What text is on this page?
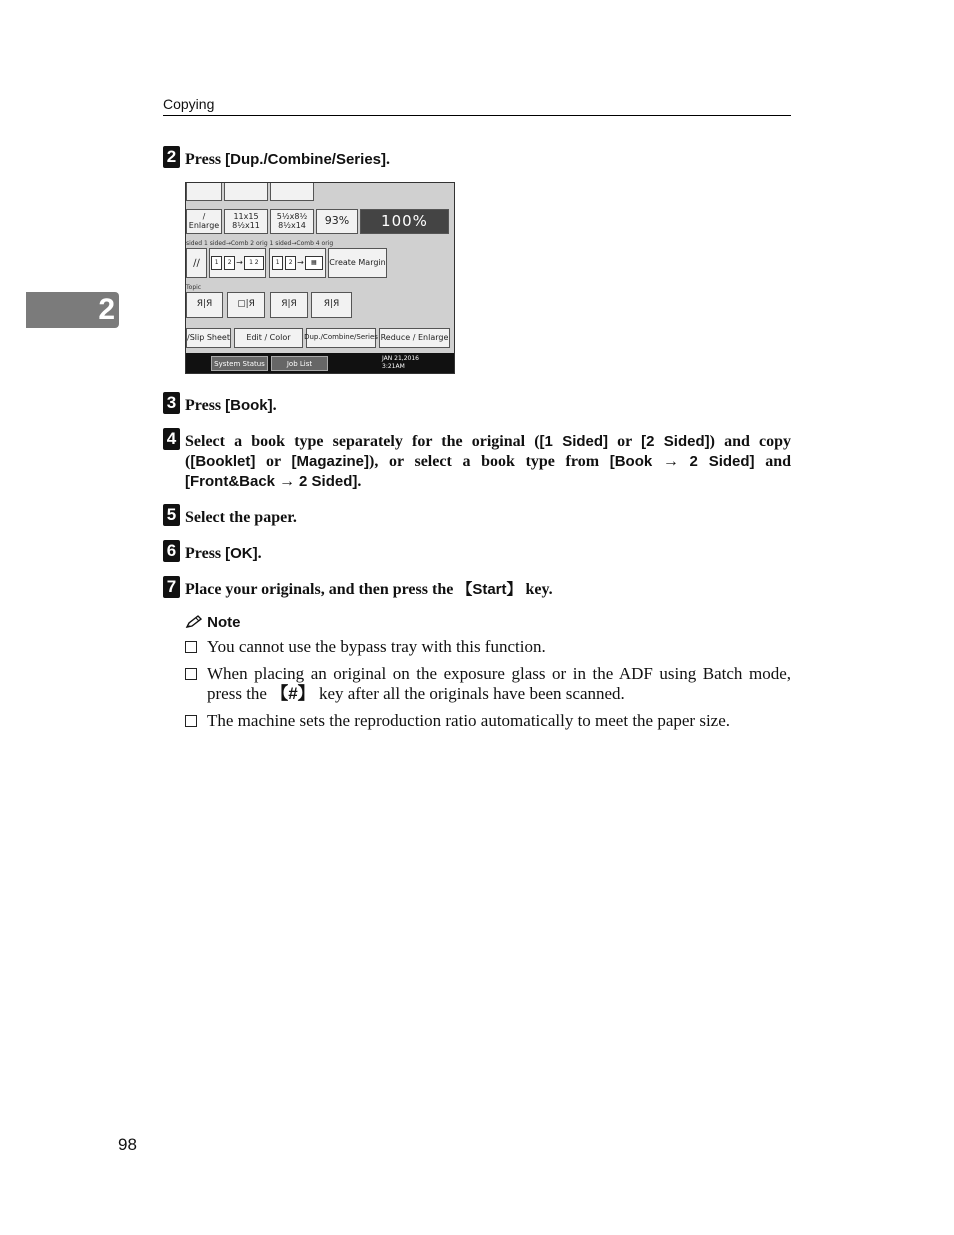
Copying
2
2 Press [Dup./Combine/Series].
/ Enlarge
11x15
8½x11
5½x8½
8½x14	93%	100%
sided 1 sided→Comb 2 orig 1 sided→Comb 4 orig
∕∕	1	2 →	1 2	1	2 →	▦	Create Margin
Topic
Я|Я	▢|Я	Я|Я	Я|Я
/Slip Sheet	Edit / Color	Dup./Combine/Series Reduce / Enlarge
System Status	Job List
JAN 21,2016
3:21AM
3 Press [Book].
4 Select a book type separately for the original ([1 Sided] or [2 Sided]) and copy ([Booklet] or [Magazine]), or select a book type from [Book → 2 Sided] and [Front&Back → 2 Sided].
5 Select the paper.
6 Press [OK].
7 Place your originals, and then press the 【Start】 key.
Note
You cannot use the bypass tray with this function.
When placing an original on the exposure glass or in the ADF using Batch mode, press the 【#】 key after all the originals have been scanned.
The machine sets the reproduction ratio automatically to meet the paper size.
98
